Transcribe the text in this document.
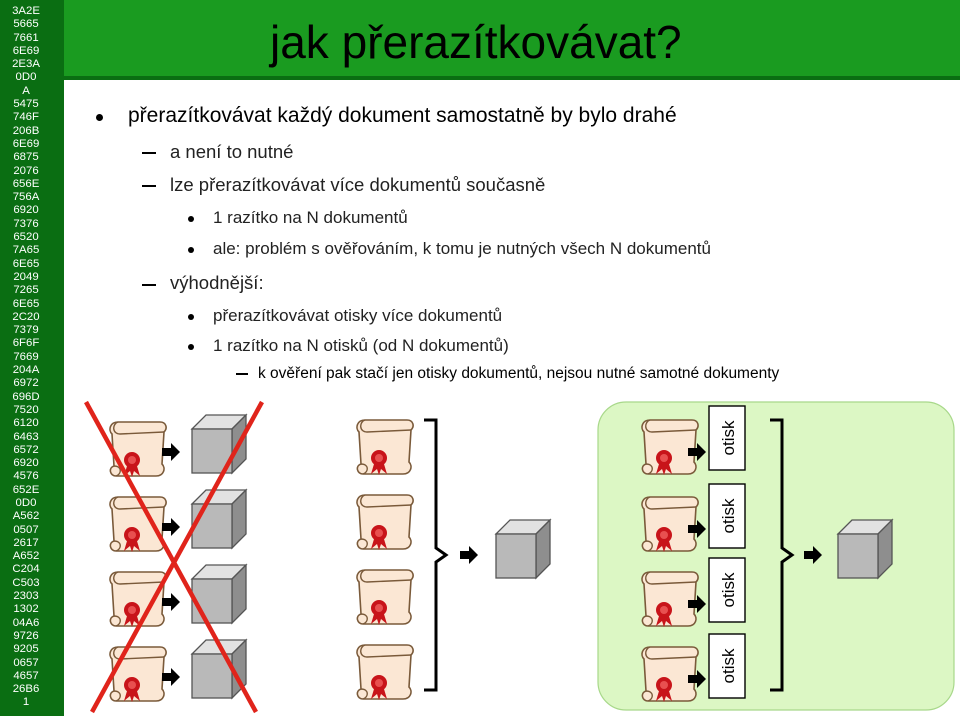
3A2E
5665
7661
6E69
2E3A
0D0
A
5475
746F
206B
6E69
6875
2076
656E
756A
6920
7376
6520
7A65
6E65
2049
7265
6E65
2C20
7379
6F6F
7669
204A
6972
696D
7520
6120
6463
6572
6920
4576
652E
0D0
A562
0507
2617
A652
C204
C503
2303
1302
04A6
9726
9205
0657
4657
26B6
1
jak přerazítkovávat?
přerazítkovávat každý dokument samostatně by bylo drahé
a není to nutné
lze přerazítkovávat více dokumentů současně
1 razítko na N dokumentů
ale: problém s ověřováním, k tomu je nutných všech N dokumentů
výhodnější:
přerazítkovávat otisky více dokumentů
1 razítko na N otisků (od N dokumentů)
k ověření pak stačí jen otisky dokumentů, nejsou nutné samotné dokumenty
otisk
otisk
otisk
otisk
